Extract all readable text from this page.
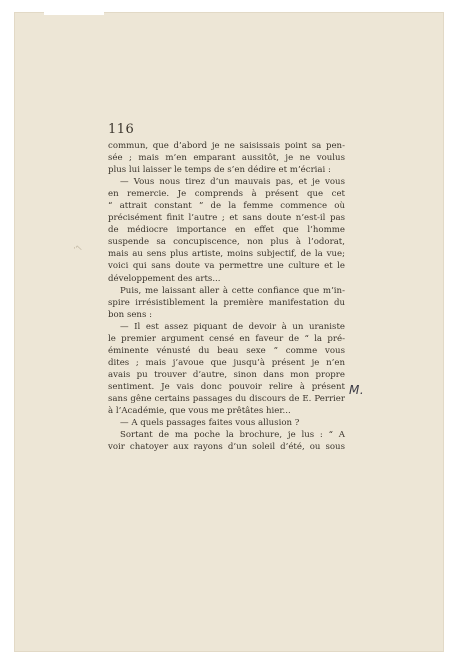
ʼʼ\
116
commun, que d’abord je ne saisissais point sa pen-
sée ; mais m’en emparant aussitôt, je ne voulus
plus lui laisser le temps de s’en dédire et m’écriai :
— Vous nous tirez d’un mauvais pas, et je vous
en remercie. Je comprends à présent que cet
“ attrait constant ” de la femme commence où
précisément finit l’autre ; et sans doute n’est-il pas
de médiocre importance en effet que l’homme
suspende sa concupiscence, non plus à l’odorat,
mais au sens plus artiste, moins subjectif, de la vue;
voici qui sans doute va permettre une culture et le
développement des arts...
Puis, me laissant aller à cette confiance que m’in-
spire irrésistiblement la première manifestation du
bon sens :
— Il est assez piquant de devoir à un uraniste
le premier argument censé en faveur de “ la pré-
éminente vénusté du beau sexe ” comme vous
dites ; mais j’avoue que jusqu’à présent je n’en
avais pu trouver d’autre, sinon dans mon propre
sentiment. Je vais donc pouvoir relire à présent
sans gêne certains passages du discours de E. Perrier
à l’Académie, que vous me prêtâtes hier...
— A quels passages faites vous allusion ?
Sortant de ma poche la brochure, je lus : “ A
voir chatoyer aux rayons d’un soleil d’été, ou sous
M.
